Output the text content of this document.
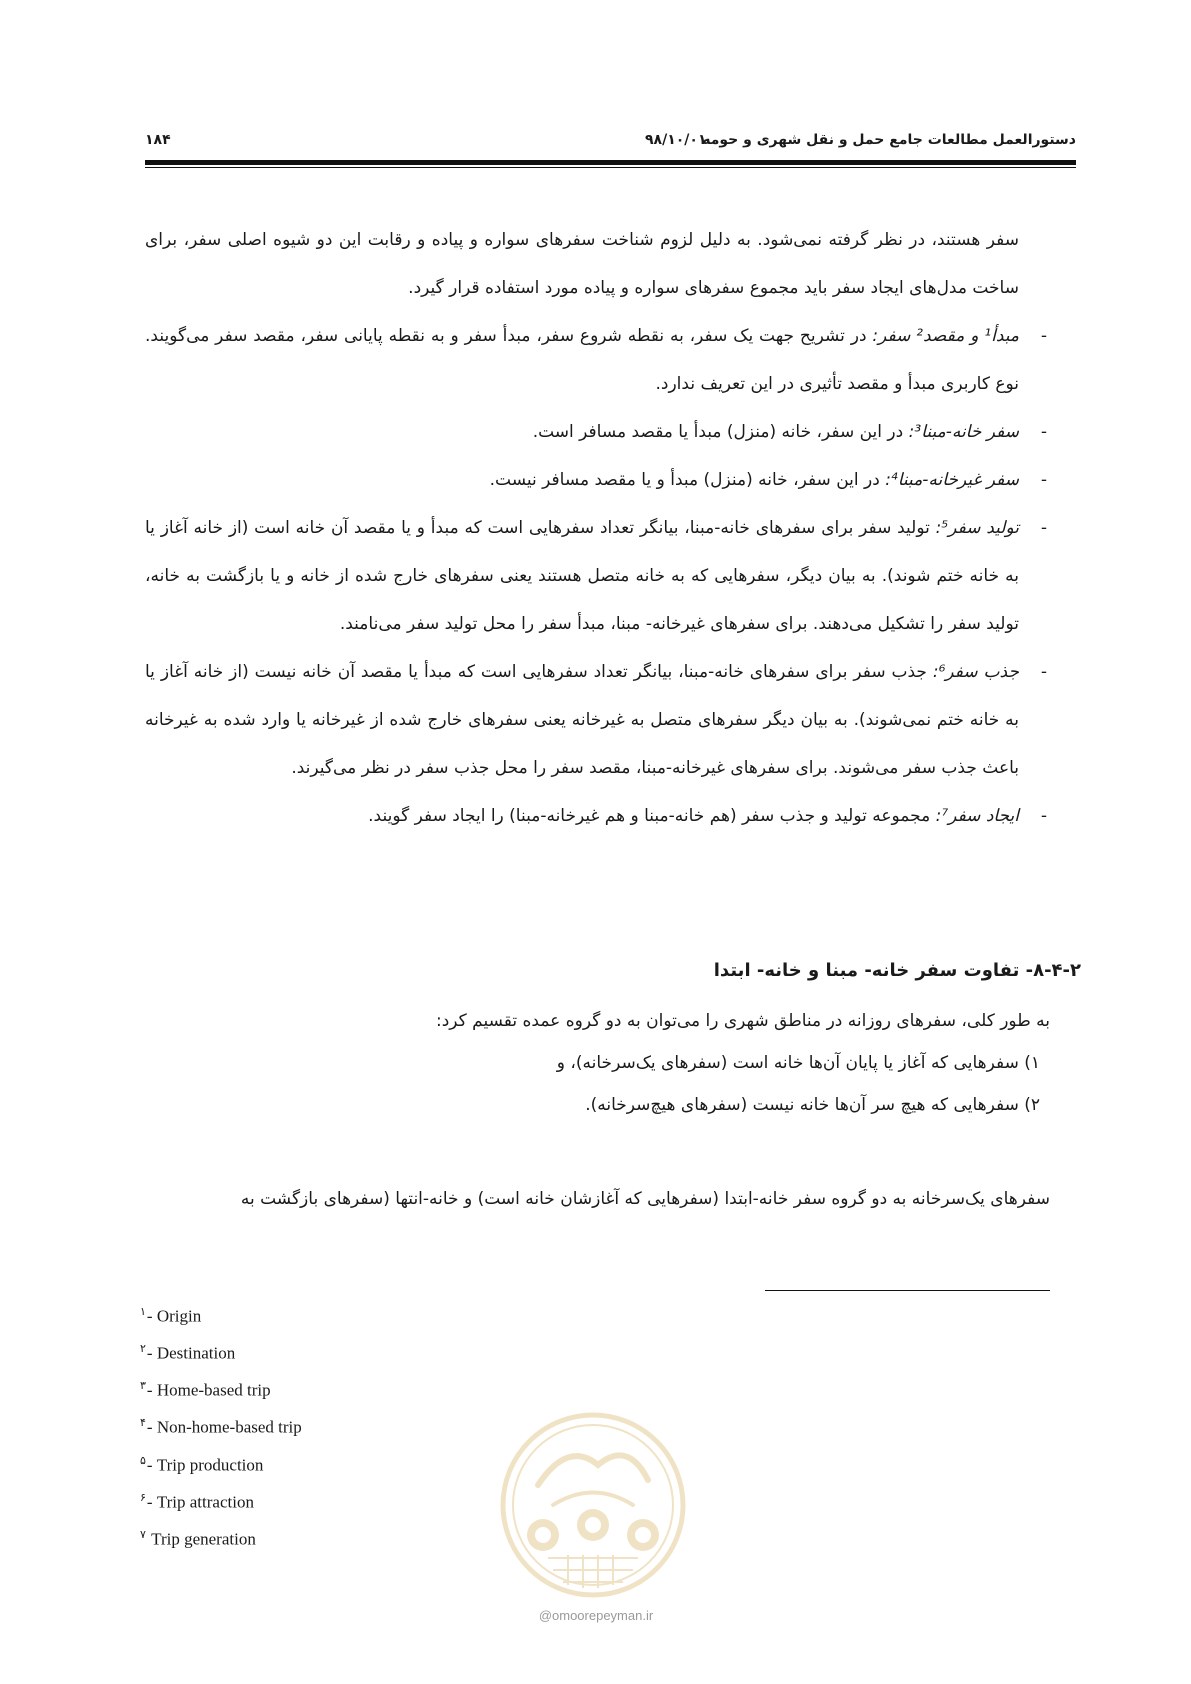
۱۸۴	۹۸/۱۰/۰۱
دستورالعمل مطالعات جامع حمل و نقل شهری و حومه

سفر هستند، در نظر گرفته نمی‌شود. به دلیل لزوم شناخت سفرهای سواره و پیاده و رقابت این دو شیوه اصلی سفر، برای ساخت مدل‌های ایجاد سفر باید مجموع سفرهای سواره و پیاده مورد استفاده قرار گیرد.

-
مبدأ¹ و مقصد² سفر: در تشریح جهت یک سفر، به نقطه شروع سفر، مبدأ سفر و به نقطه پایانی سفر، مقصد سفر می‌گویند. نوع کاربری مبدأ و مقصد تأثیری در این تعریف ندارد.

-
سفر خانه-مبنا³: در این سفر، خانه (منزل) مبدأ یا مقصد مسافر است.

-
سفر غیرخانه-مبنا⁴: در این سفر، خانه (منزل) مبدأ و یا مقصد مسافر نیست.

-
تولید سفر⁵: تولید سفر برای سفرهای خانه-مبنا، بیانگر تعداد سفرهایی است که مبدأ و یا مقصد آن خانه است (از خانه آغاز یا به خانه ختم شوند). به بیان دیگر، سفرهایی که به خانه متصل هستند یعنی سفرهای خارج شده از خانه و یا بازگشت به خانه، تولید سفر را تشکیل می‌دهند. برای سفرهای غیرخانه- مبنا، مبدأ سفر را محل تولید سفر می‌نامند.

-
جذب سفر⁶: جذب سفر برای سفرهای خانه-مبنا، بیانگر تعداد سفرهایی است که مبدأ یا مقصد آن خانه نیست (از خانه آغاز یا به خانه ختم نمی‌شوند). به بیان دیگر سفرهای متصل به غیرخانه یعنی سفرهای خارج شده از غیرخانه یا وارد شده به غیرخانه باعث جذب سفر می‌شوند. برای سفرهای غیرخانه-مبنا، مقصد سفر را محل جذب سفر در نظر می‌گیرند.

-
ایجاد سفر⁷: مجموعه تولید و جذب سفر (هم خانه-مبنا و هم غیرخانه-مبنا) را ایجاد سفر گویند.

۸-۴-۲- تفاوت سفر خانه- مبنا و خانه- ابتدا

به طور کلی، سفرهای روزانه در مناطق شهری را می‌توان به دو گروه عمده تقسیم کرد:

۱) سفرهایی که آغاز یا پایان آن‌ها خانه است (سفرهای یک‌سرخانه)، و

۲) سفرهایی که هیچ سر آن‌ها خانه نیست (سفرهای هیچ‌سرخانه).

سفرهای یک‌سرخانه به دو گروه سفر خانه-ابتدا (سفرهایی که آغازشان خانه است) و خانه-انتها (سفرهای بازگشت به
$^۱$- Origin
$^۲$- Destination
$^۳$- Home-based trip
$^۴$- Non-home-based trip
$^۵$- Trip production
$^۶$- Trip attraction
$^۷$ Trip generation
@omoorepeyman.ir
